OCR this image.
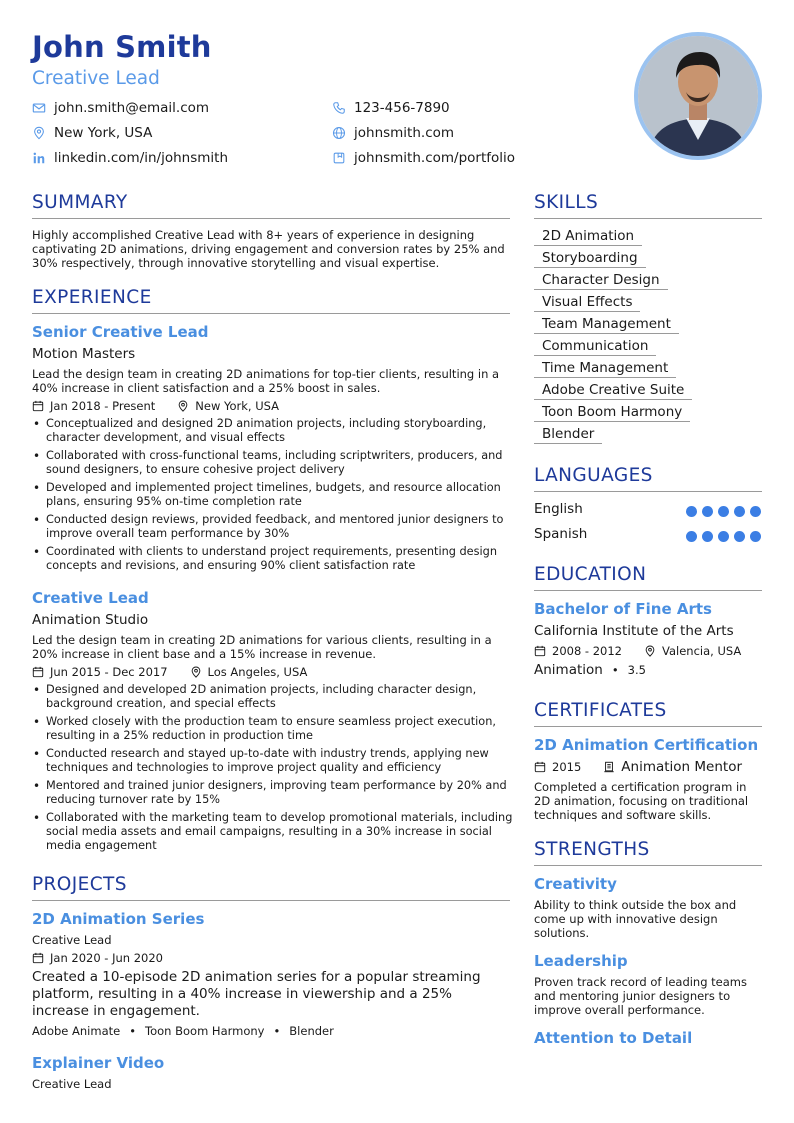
John Smith
Creative Lead
john.smith@email.com	123-456-7890
New York, USA	johnsmith.com
linkedin.com/in/johnsmith	johnsmith.com/portfolio
SUMMARY
Highly accomplished Creative Lead with 8+ years of experience in designing captivating 2D animations, driving engagement and conversion rates by 25% and 30% respectively, through innovative storytelling and visual expertise.
EXPERIENCE
Senior Creative Lead
Motion Masters
Lead the design team in creating 2D animations for top-tier clients, resulting in a 40% increase in client satisfaction and a 25% boost in sales.
Jan 2018 - Present	New York, USA
• Conceptualized and designed 2D animation projects, including storyboarding, character development, and visual effects
• Collaborated with cross-functional teams, including scriptwriters, producers, and sound designers, to ensure cohesive project delivery
• Developed and implemented project timelines, budgets, and resource allocation plans, ensuring 95% on-time completion rate
• Conducted design reviews, provided feedback, and mentored junior designers to improve overall team performance by 30%
• Coordinated with clients to understand project requirements, presenting design concepts and revisions, and ensuring 90% client satisfaction rate
Creative Lead
Animation Studio
Led the design team in creating 2D animations for various clients, resulting in a 20% increase in client base and a 15% increase in revenue.
Jun 2015 - Dec 2017	Los Angeles, USA
• Designed and developed 2D animation projects, including character design, background creation, and special effects
• Worked closely with the production team to ensure seamless project execution, resulting in a 25% reduction in production time
• Conducted research and stayed up-to-date with industry trends, applying new techniques and technologies to improve project quality and efficiency
• Mentored and trained junior designers, improving team performance by 20% and reducing turnover rate by 15%
• Collaborated with the marketing team to develop promotional materials, including social media assets and email campaigns, resulting in a 30% increase in social media engagement
PROJECTS
2D Animation Series
Creative Lead
Jan 2020 - Jun 2020
Created a 10-episode 2D animation series for a popular streaming platform, resulting in a 40% increase in viewership and a 25% increase in engagement.
Adobe Animate • Toon Boom Harmony • Blender
Explainer Video
Creative Lead
SKILLS
2D Animation
Storyboarding
Character Design
Visual Effects
Team Management
Communication
Time Management
Adobe Creative Suite
Toon Boom Harmony
Blender
LANGUAGES
English
Spanish
EDUCATION
Bachelor of Fine Arts
California Institute of the Arts
2008 - 2012	Valencia, USA
Animation • 3.5
CERTIFICATES
2D Animation Certification
2015	Animation Mentor
Completed a certification program in 2D animation, focusing on traditional techniques and software skills.
STRENGTHS
Creativity
Ability to think outside the box and come up with innovative design solutions.
Leadership
Proven track record of leading teams and mentoring junior designers to improve overall performance.
Attention to Detail
